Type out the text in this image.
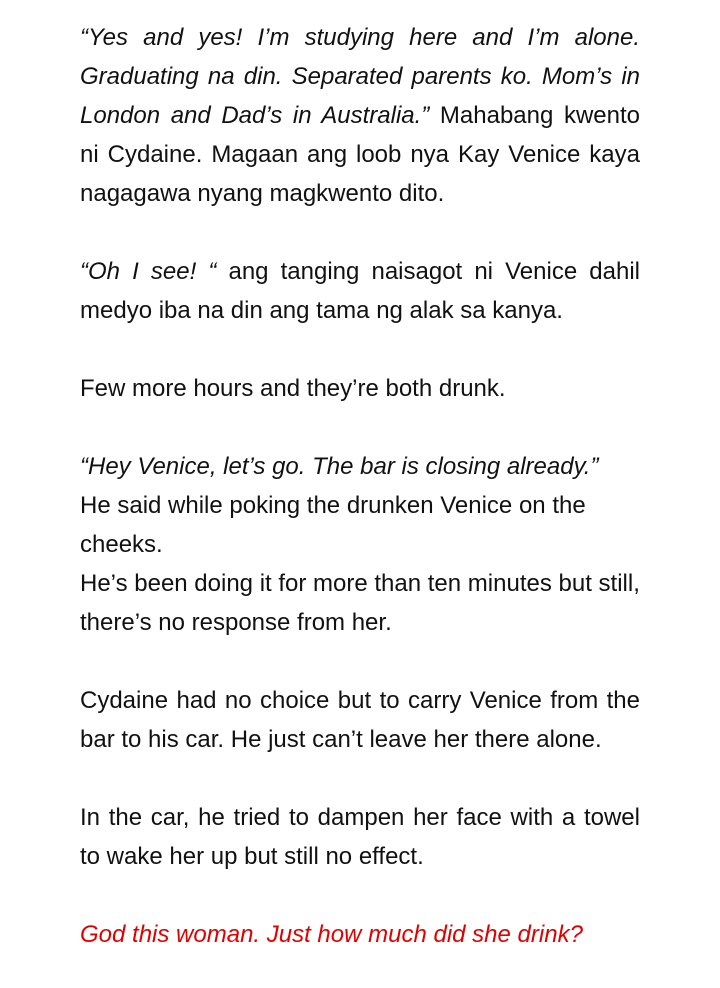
“Yes and yes! I’m studying here and I’m alone. Graduating na din. Separated parents ko. Mom’s in London and Dad’s in Australia.” Mahabang kwento ni Cydaine. Magaan ang loob nya Kay Venice kaya nagagawa nyang magkwento dito.

“Oh I see! “ ang tanging naisagot ni Venice dahil medyo iba na din ang tama ng alak sa kanya.

Few more hours and they’re both drunk.

“Hey Venice, let’s go. The bar is closing already.”
He said while poking the drunken Venice on the cheeks.

He’s been doing it for more than ten minutes but still, there’s no response from her.

Cydaine had no choice but to carry Venice from the bar to his car. He just can’t leave her there alone.

In the car, he tried to dampen her face with a towel to wake her up but still no effect.

God this woman. Just how much did she drink?
